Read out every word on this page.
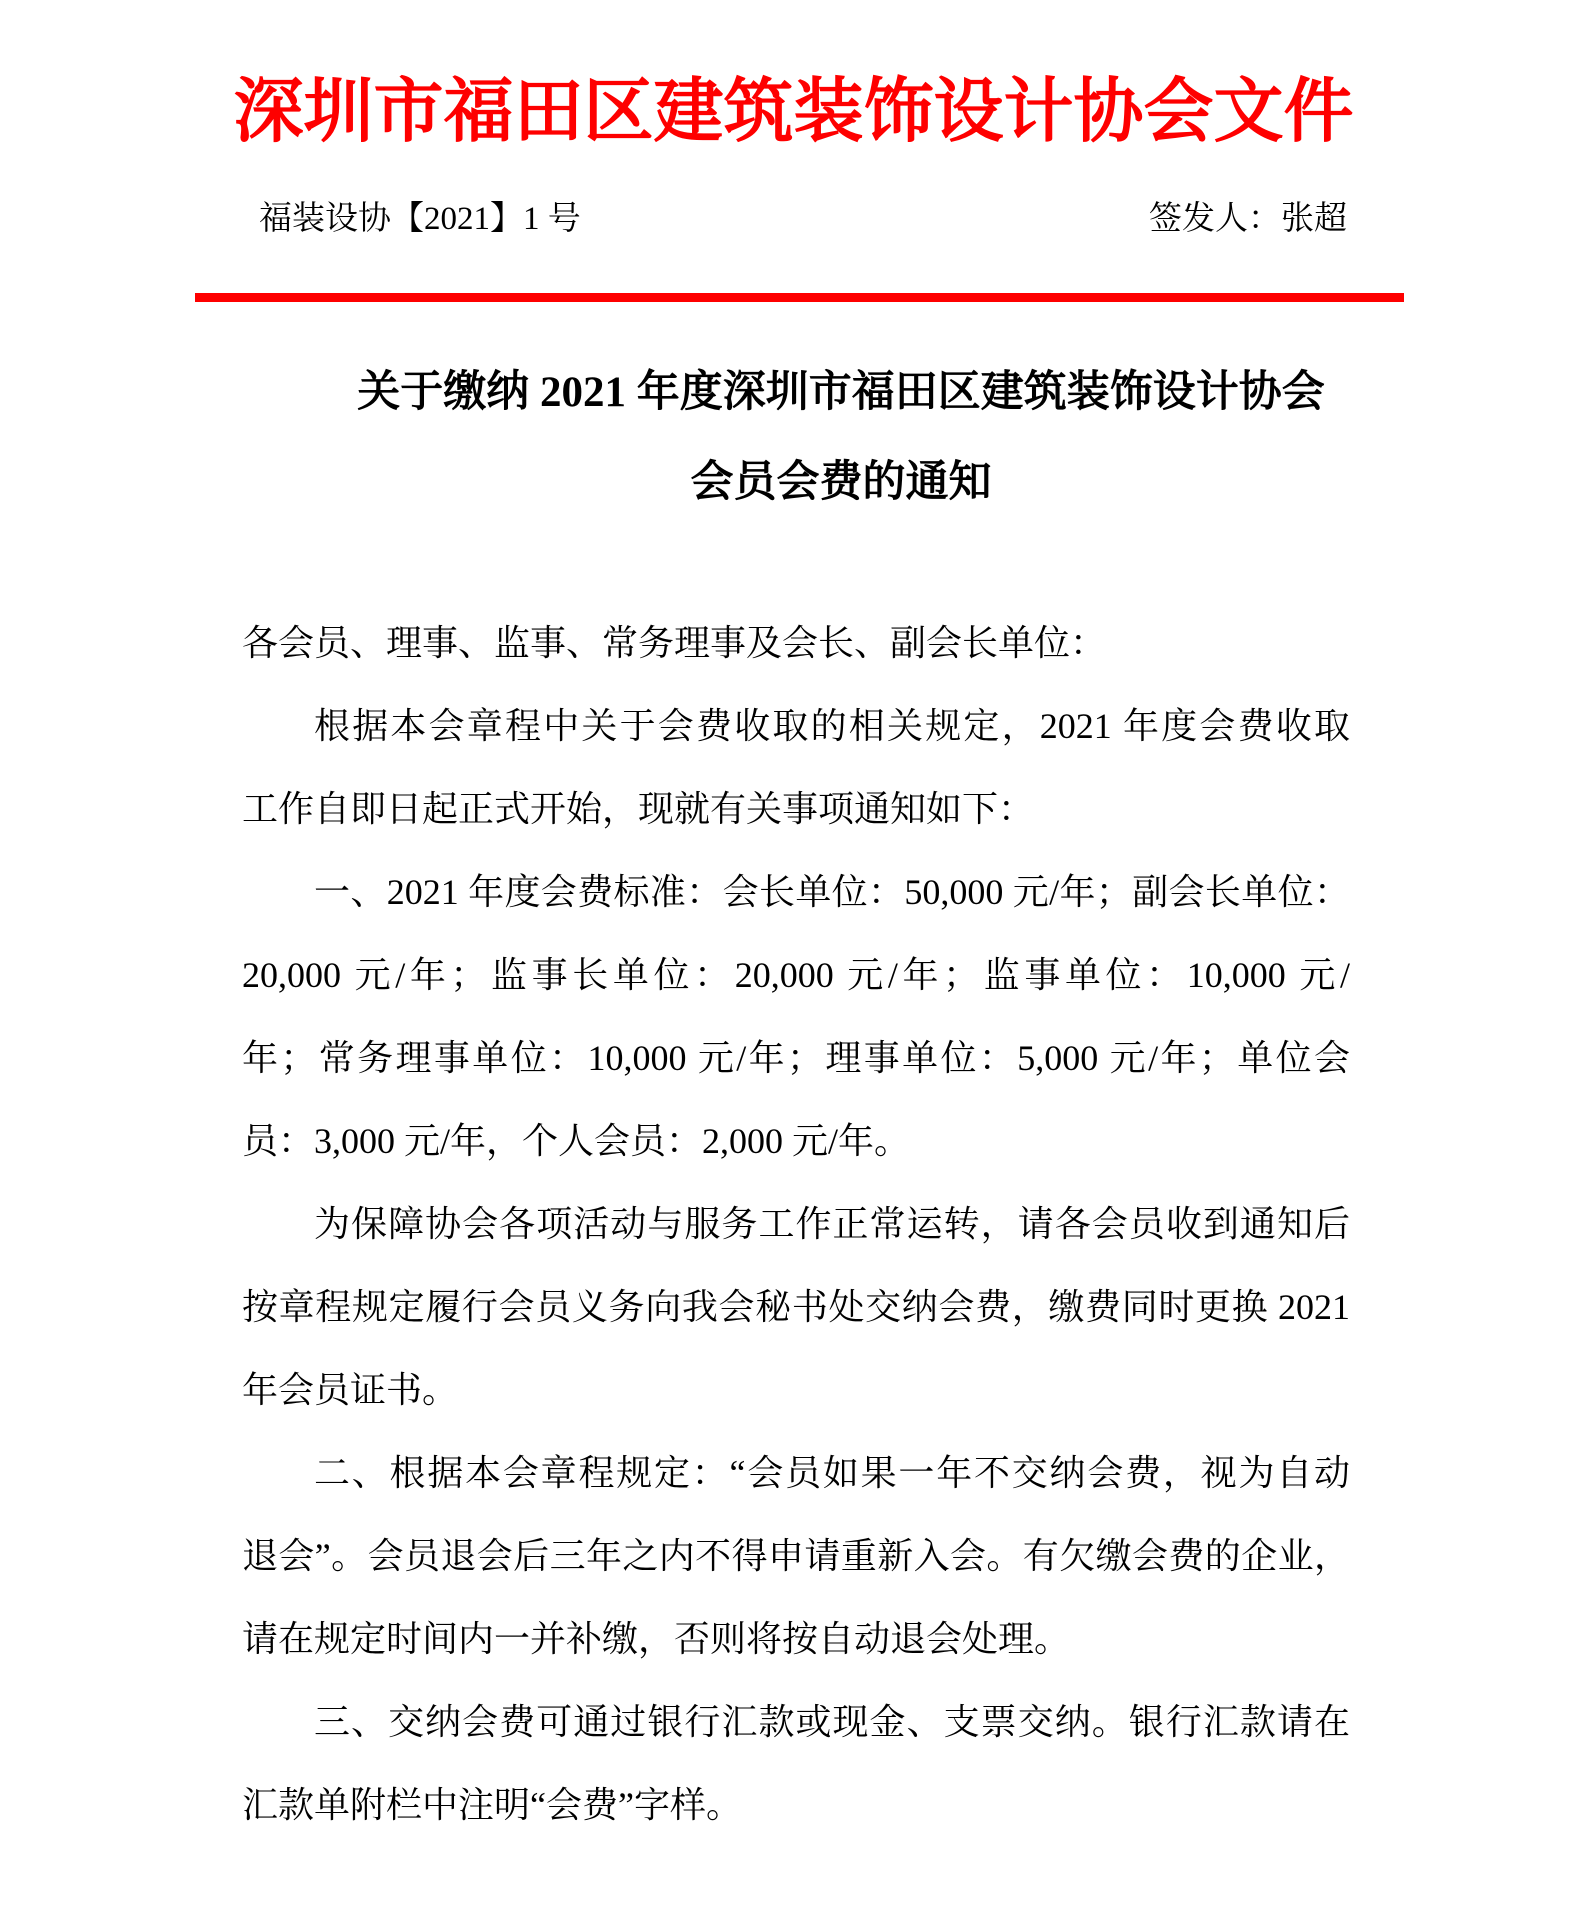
深圳市福田区建筑装饰设计协会文件
福装设协【2021】1 号	签发人：张超
关于缴纳 2021 年度深圳市福田区建筑装饰设计协会
会员会费的通知
各会员、理事、监事、常务理事及会长、副会长单位：
根据本会章程中关于会费收取的相关规定，2021 年度会费收取
工作自即日起正式开始，现就有关事项通知如下：
一、2021 年度会费标准：会长单位：50,000 元/年；副会长单位：
20,000 元/年；监事长单位：20,000 元/年；监事单位：10,000 元/
年；常务理事单位：10,000 元/年；理事单位：5,000 元/年；单位会
员：3,000 元/年，个人会员：2,000 元/年。
为保障协会各项活动与服务工作正常运转，请各会员收到通知后
按章程规定履行会员义务向我会秘书处交纳会费，缴费同时更换 2021
年会员证书。
二、根据本会章程规定：“会员如果一年不交纳会费，视为自动
退会”。会员退会后三年之内不得申请重新入会。有欠缴会费的企业，
请在规定时间内一并补缴，否则将按自动退会处理。
三、交纳会费可通过银行汇款或现金、支票交纳。银行汇款请在
汇款单附栏中注明“会费”字样。
